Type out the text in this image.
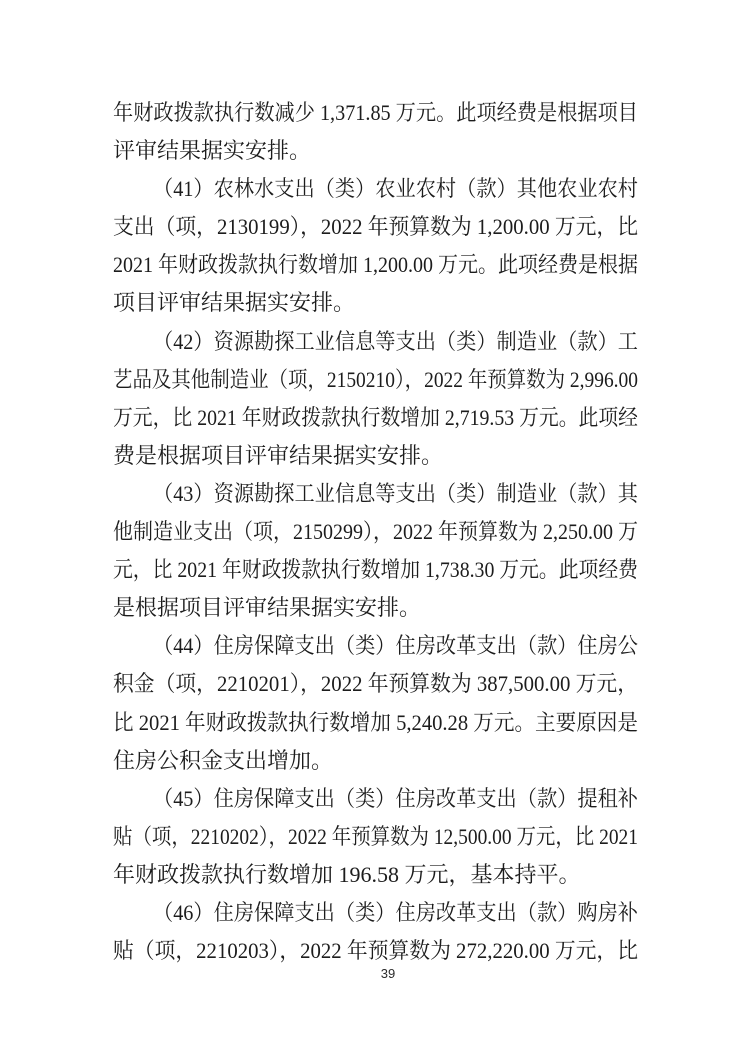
年财政拨款执行数减少 1,371.85 万元。此项经费是根据项目
评审结果据实安排。
（41）农林水支出（类）农业农村（款）其他农业农村
支出（项，2130199），2022 年预算数为 1,200.00 万元，比
2021 年财政拨款执行数增加 1,200.00 万元。此项经费是根据
项目评审结果据实安排。
（42）资源勘探工业信息等支出（类）制造业（款）工
艺品及其他制造业（项，2150210），2022 年预算数为 2,996.00
万元，比 2021 年财政拨款执行数增加 2,719.53 万元。此项经
费是根据项目评审结果据实安排。
（43）资源勘探工业信息等支出（类）制造业（款）其
他制造业支出（项，2150299），2022 年预算数为 2,250.00 万
元，比 2021 年财政拨款执行数增加 1,738.30 万元。此项经费
是根据项目评审结果据实安排。
（44）住房保障支出（类）住房改革支出（款）住房公
积金（项，2210201），2022 年预算数为 387,500.00 万元，
比 2021 年财政拨款执行数增加 5,240.28 万元。主要原因是
住房公积金支出增加。
（45）住房保障支出（类）住房改革支出（款）提租补
贴（项，2210202），2022 年预算数为 12,500.00 万元，比 2021
年财政拨款执行数增加 196.58 万元，基本持平。
（46）住房保障支出（类）住房改革支出（款）购房补
贴（项，2210203），2022 年预算数为 272,220.00 万元，比
39
